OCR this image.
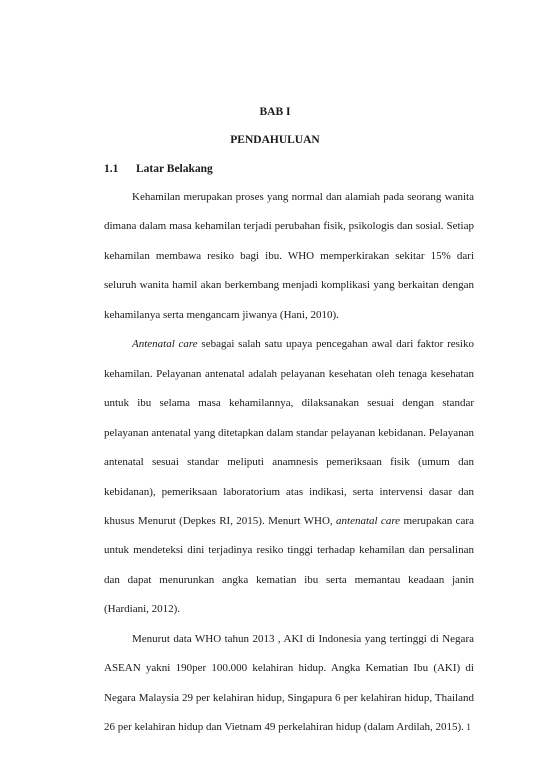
BAB I
PENDAHULUAN
1.1 Latar Belakang

Kehamilan merupakan proses yang normal dan alamiah pada seorang wanita dimana dalam masa kehamilan terjadi perubahan fisik, psikologis dan sosial. Setiap kehamilan membawa resiko bagi ibu. WHO memperkirakan sekitar 15% dari seluruh wanita hamil akan berkembang menjadi komplikasi yang berkaitan dengan kehamilanya serta mengancam jiwanya (Hani, 2010).

Antenatal care sebagai salah satu upaya pencegahan awal dari faktor resiko kehamilan. Pelayanan antenatal adalah pelayanan kesehatan oleh tenaga kesehatan untuk ibu selama masa kehamilannya, dilaksanakan sesuai dengan standar pelayanan antenatal yang ditetapkan dalam standar pelayanan kebidanan. Pelayanan antenatal sesuai standar meliputi anamnesis pemeriksaan fisik (umum dan kebidanan), pemeriksaan laboratorium atas indikasi, serta intervensi dasar dan khusus Menurut (Depkes RI, 2015). Menurt WHO, antenatal care merupakan cara untuk mendeteksi dini terjadinya resiko tinggi terhadap kehamilan dan persalinan dan dapat menurunkan angka kematian ibu serta memantau keadaan janin (Hardiani, 2012).

Menurut data WHO tahun 2013 , AKI di Indonesia yang tertinggi di Negara ASEAN yakni 190per 100.000 kelahiran hidup. Angka Kematian Ibu (AKI) di Negara Malaysia 29 per kelahiran hidup, Singapura 6 per kelahiran hidup, Thailand 26 per kelahiran hidup dan Vietnam 49 perkelahiran hidup (dalam Ardilah, 2015). 1
